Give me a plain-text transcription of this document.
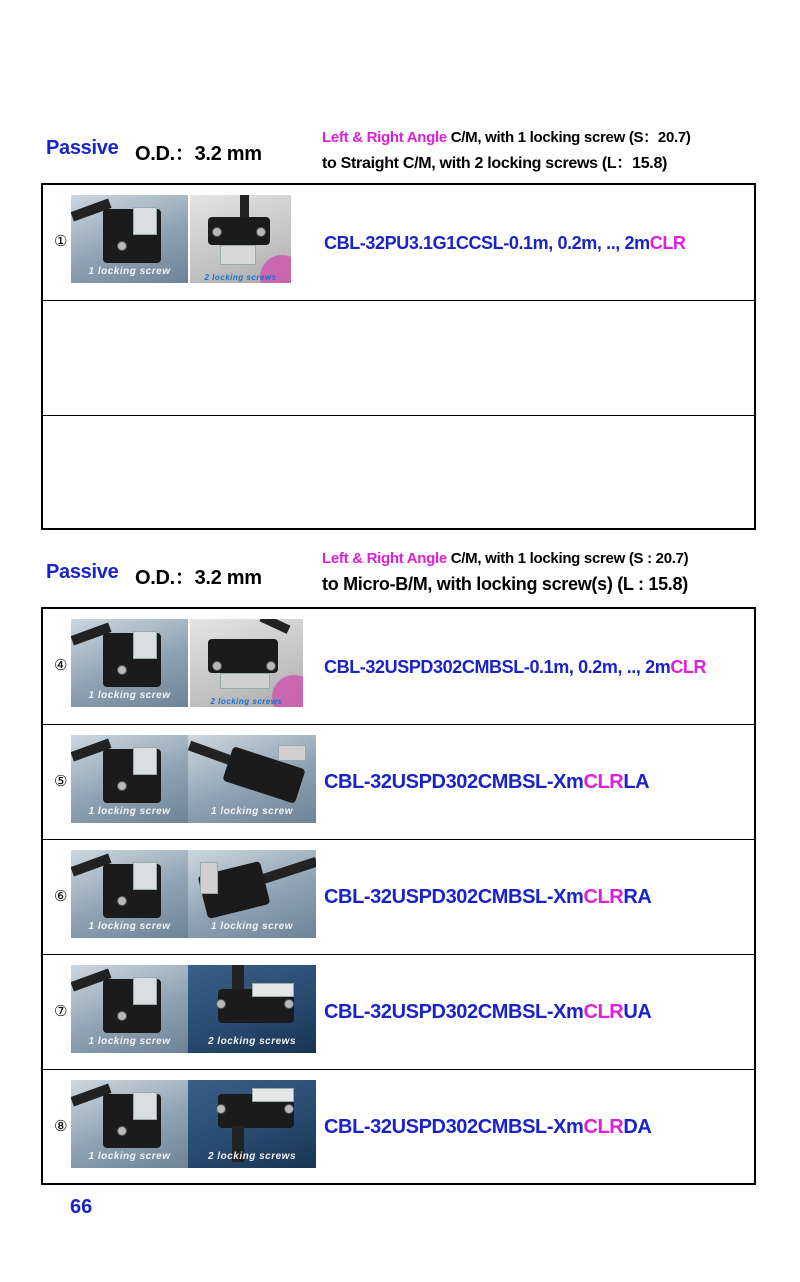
Passive O.D.：3.2 mm
Left & Right Angle C/M, with 1 locking screw (S：20.7)
to Straight C/M, with 2 locking screws (L：15.8)
①
1 locking screw
2 locking screws
CBL-32PU3.1G1CCSL-0.1m, 0.2m, .., 2mCLR
Passive O.D.：3.2 mm
Left & Right Angle C/M, with 1 locking screw (S : 20.7)
to Micro-B/M, with locking screw(s) (L : 15.8)
④
1 locking screw
2 locking screws
CBL-32USPD302CMBSL-0.1m, 0.2m, .., 2mCLR
⑤
1 locking screw	1 locking screw
CBL-32USPD302CMBSL-XmCLRLA
⑥
1 locking screw	1 locking screw
CBL-32USPD302CMBSL-XmCLRRA
⑦
1 locking screw	2 locking screws
CBL-32USPD302CMBSL-XmCLRUA
⑧
1 locking screw	2 locking screws
CBL-32USPD302CMBSL-XmCLRDA
66
